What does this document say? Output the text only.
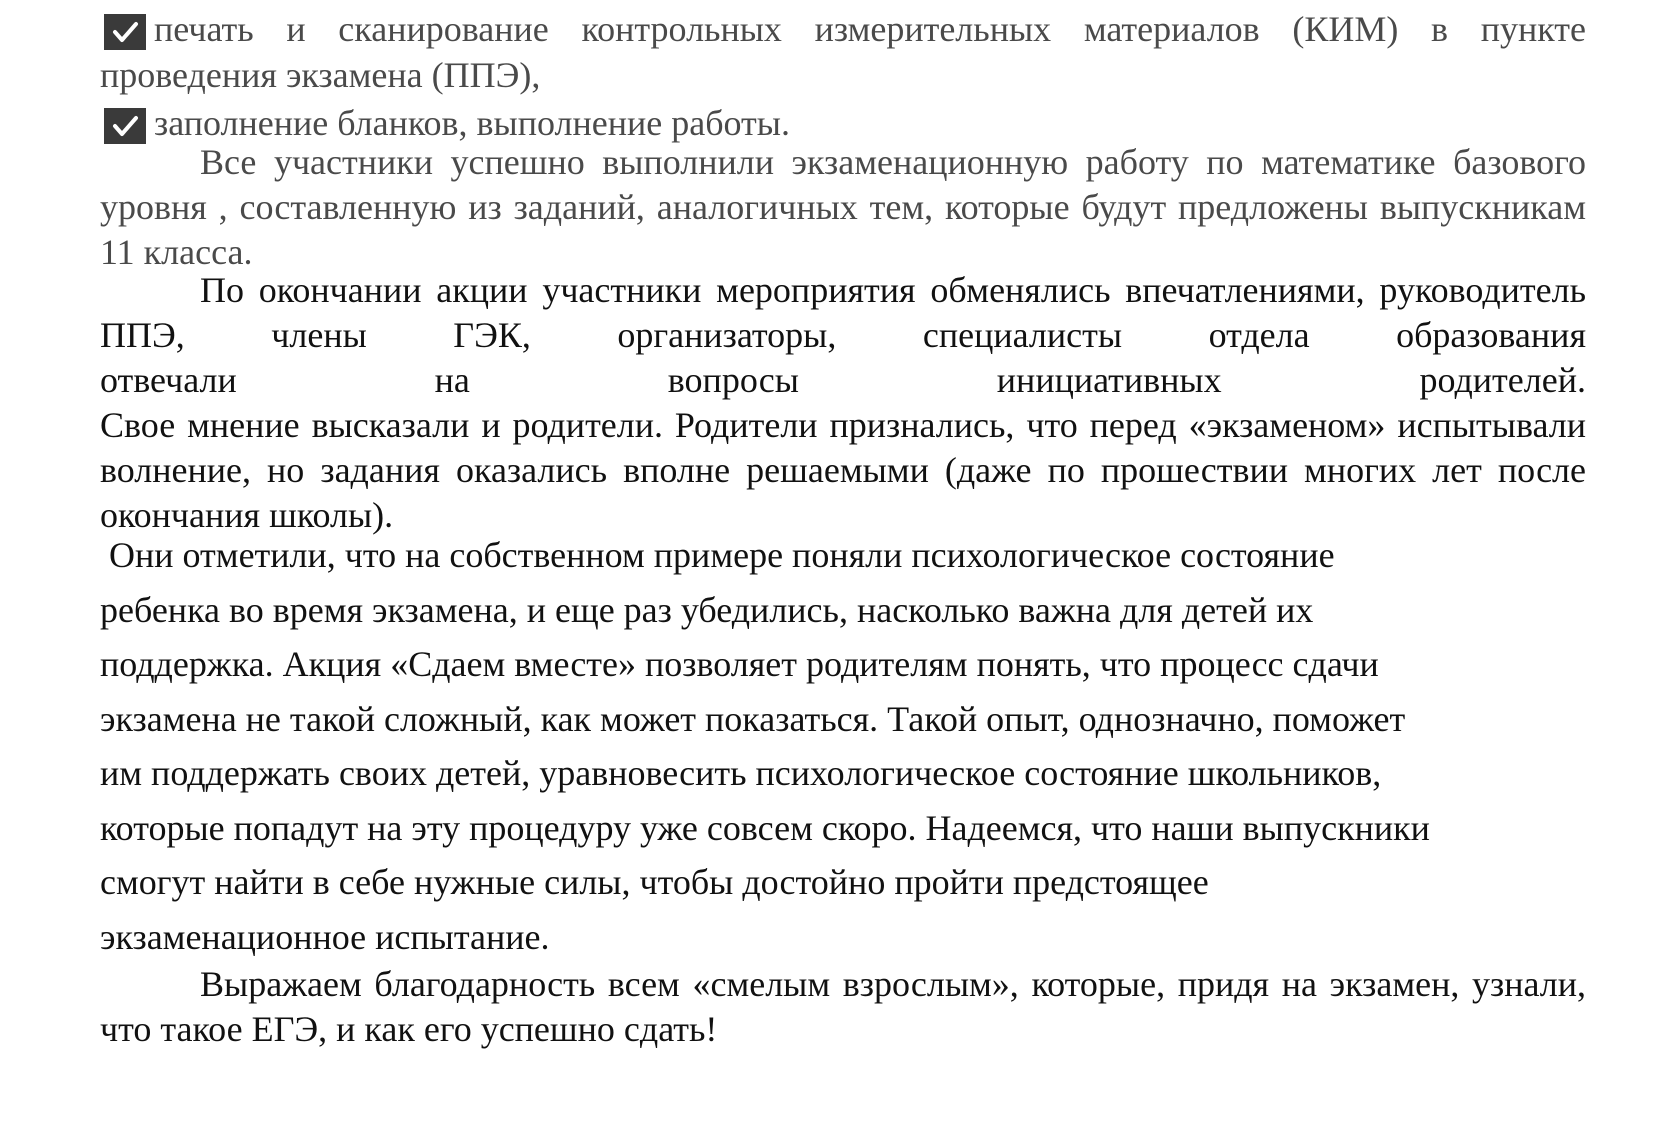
печать и сканирование контрольных измерительных материалов (КИМ) в пункте
проведения экзамена (ППЭ),

заполнение бланков, выполнение работы.

Все участники успешно выполнили экзаменационную работу по математике базового уровня , составленную из заданий, аналогичных тем, которые будут предложены выпускникам 11 класса.

По окончании акции участники мероприятия обменялись впечатлениями, руководитель ППЭ, члены ГЭК, организаторы, специалисты отдела образования

отвечали	на	вопросы	инициативных	родителей.

Свое мнение высказали и родители. Родители признались, что перед «экзаменом» испытывали волнение, но задания оказались вполне решаемыми (даже по прошествии многих лет после окончания школы).

Они отметили, что на собственном примере поняли психологическое состояние
ребенка во время экзамена, и еще раз убедились, насколько важна для детей их
поддержка. Акция «Сдаем вместе» позволяет родителям понять, что процесс сдачи
экзамена не такой сложный, как может показаться. Такой опыт, однозначно, поможет
им поддержать своих детей, уравновесить психологическое состояние школьников,
которые попадут на эту процедуру уже совсем скоро. Надеемся, что наши выпускники
смогут найти в себе нужные силы, чтобы достойно пройти предстоящее
экзаменационное испытание.

Выражаем благодарность всем «смелым взрослым», которые, придя на экзамен, узнали, что такое ЕГЭ, и как его успешно сдать!
